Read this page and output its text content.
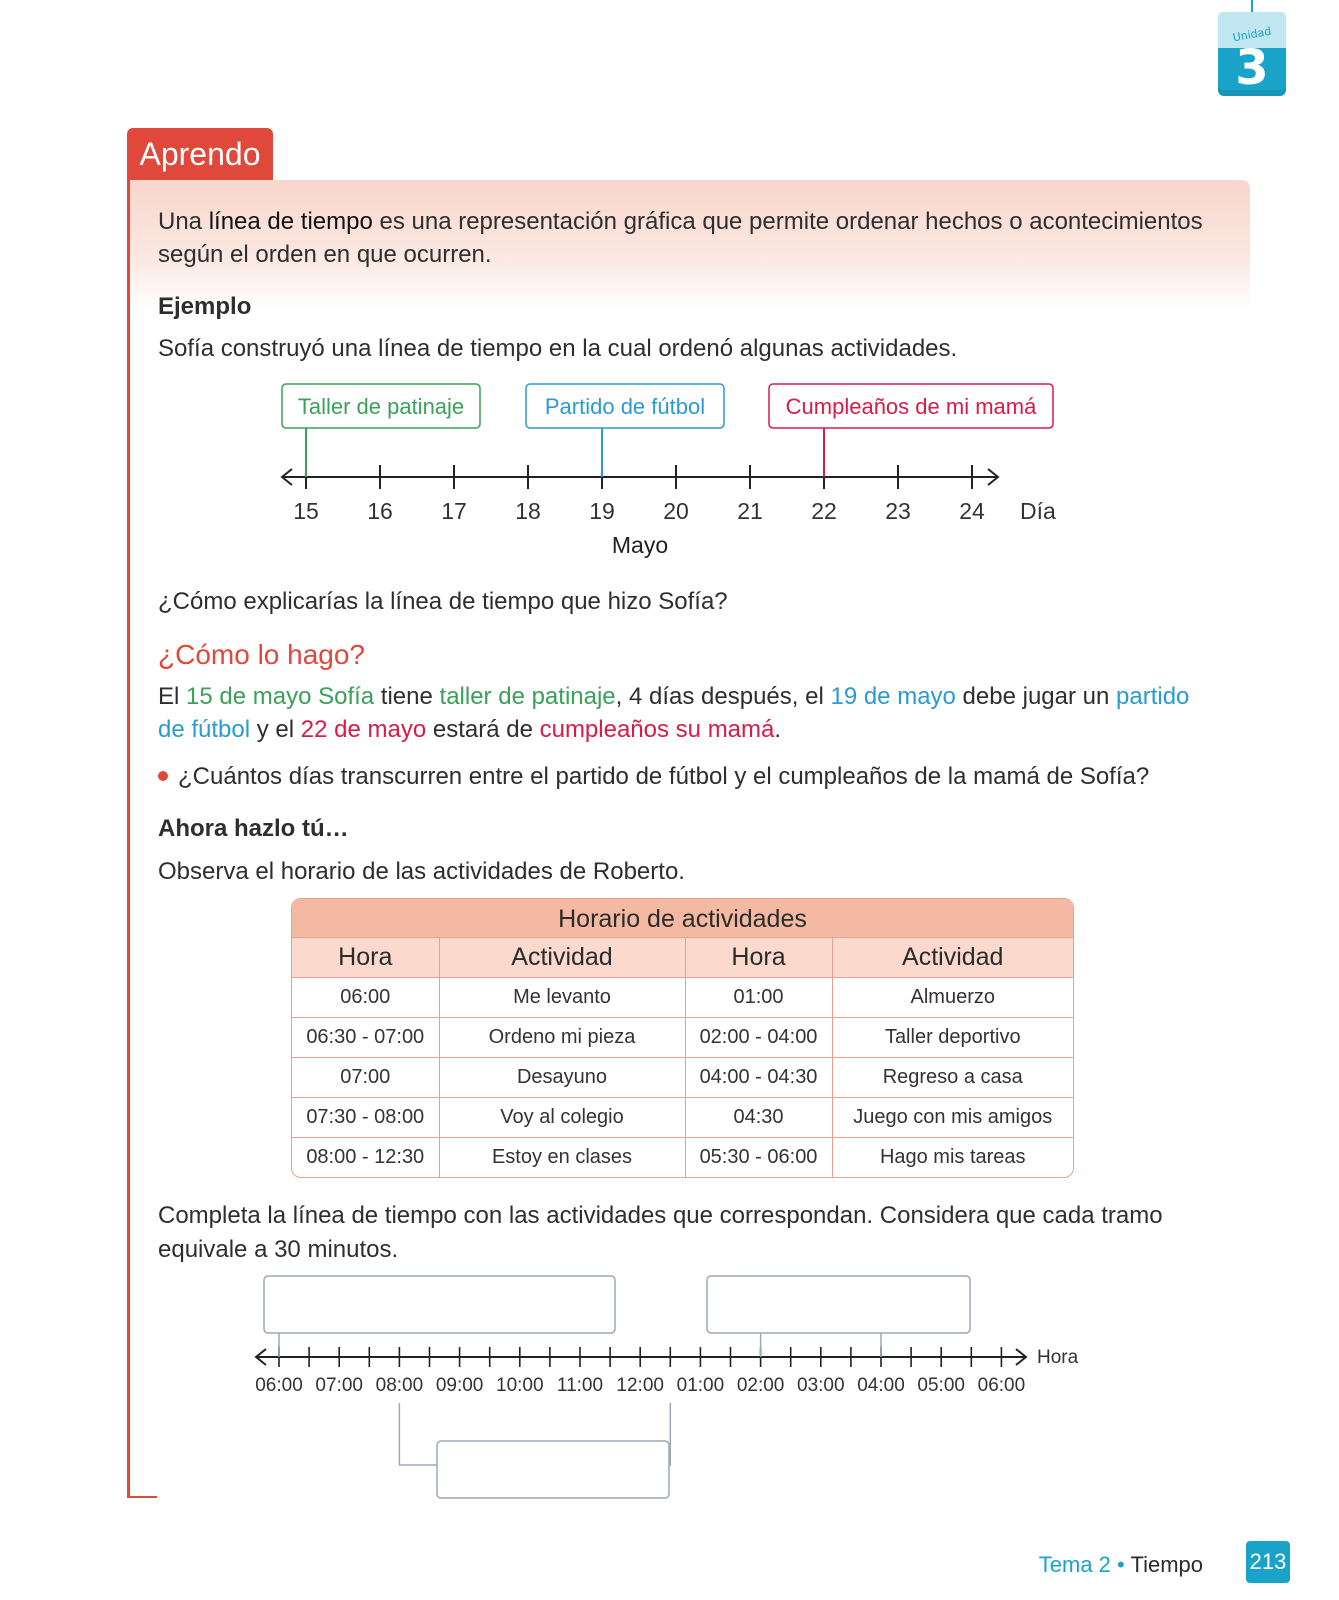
Unidad
3
Aprendo
Una línea de tiempo es una representación gráfica que permite ordenar hechos o acontecimientos
según el orden en que ocurren.
Ejemplo
Sofía construyó una línea de tiempo en la cual ordenó algunas actividades.
15 16 17 18 19 20 21 22 23 24 Día
Mayo
Taller de patinaje	Partido de fútbol	Cumpleaños de mi mamá
¿Cómo explicarías la línea de tiempo que hizo Sofía?
¿Cómo lo hago?
El 15 de mayo Sofía tiene taller de patinaje, 4 días después, el 19 de mayo debe jugar un partido
de fútbol y el 22 de mayo estará de cumpleaños su mamá.
¿Cuántos días transcurren entre el partido de fútbol y el cumpleaños de la mamá de Sofía?
Ahora hazlo tú…
Observa el horario de las actividades de Roberto.
Horario de actividades
Hora	Actividad	Hora	Actividad
06:00	Me levanto	01:00	Almuerzo
06:30 - 07:00	Ordeno mi pieza	02:00 - 04:00	Taller deportivo
07:00	Desayuno	04:00 - 04:30	Regreso a casa
07:30 - 08:00	Voy al colegio	04:30	Juego con mis amigos
08:00 - 12:30	Estoy en clases	05:30 - 06:00	Hago mis tareas
Completa la línea de tiempo con las actividades que correspondan. Considera que cada tramo
equivale a 30 minutos.
06:00 07:00 08:00 09:00 10:00 11:00 12:00 01:00 02:00 03:00 04:00 05:00 06:00
Hora
Tema 2 • Tiempo 213
